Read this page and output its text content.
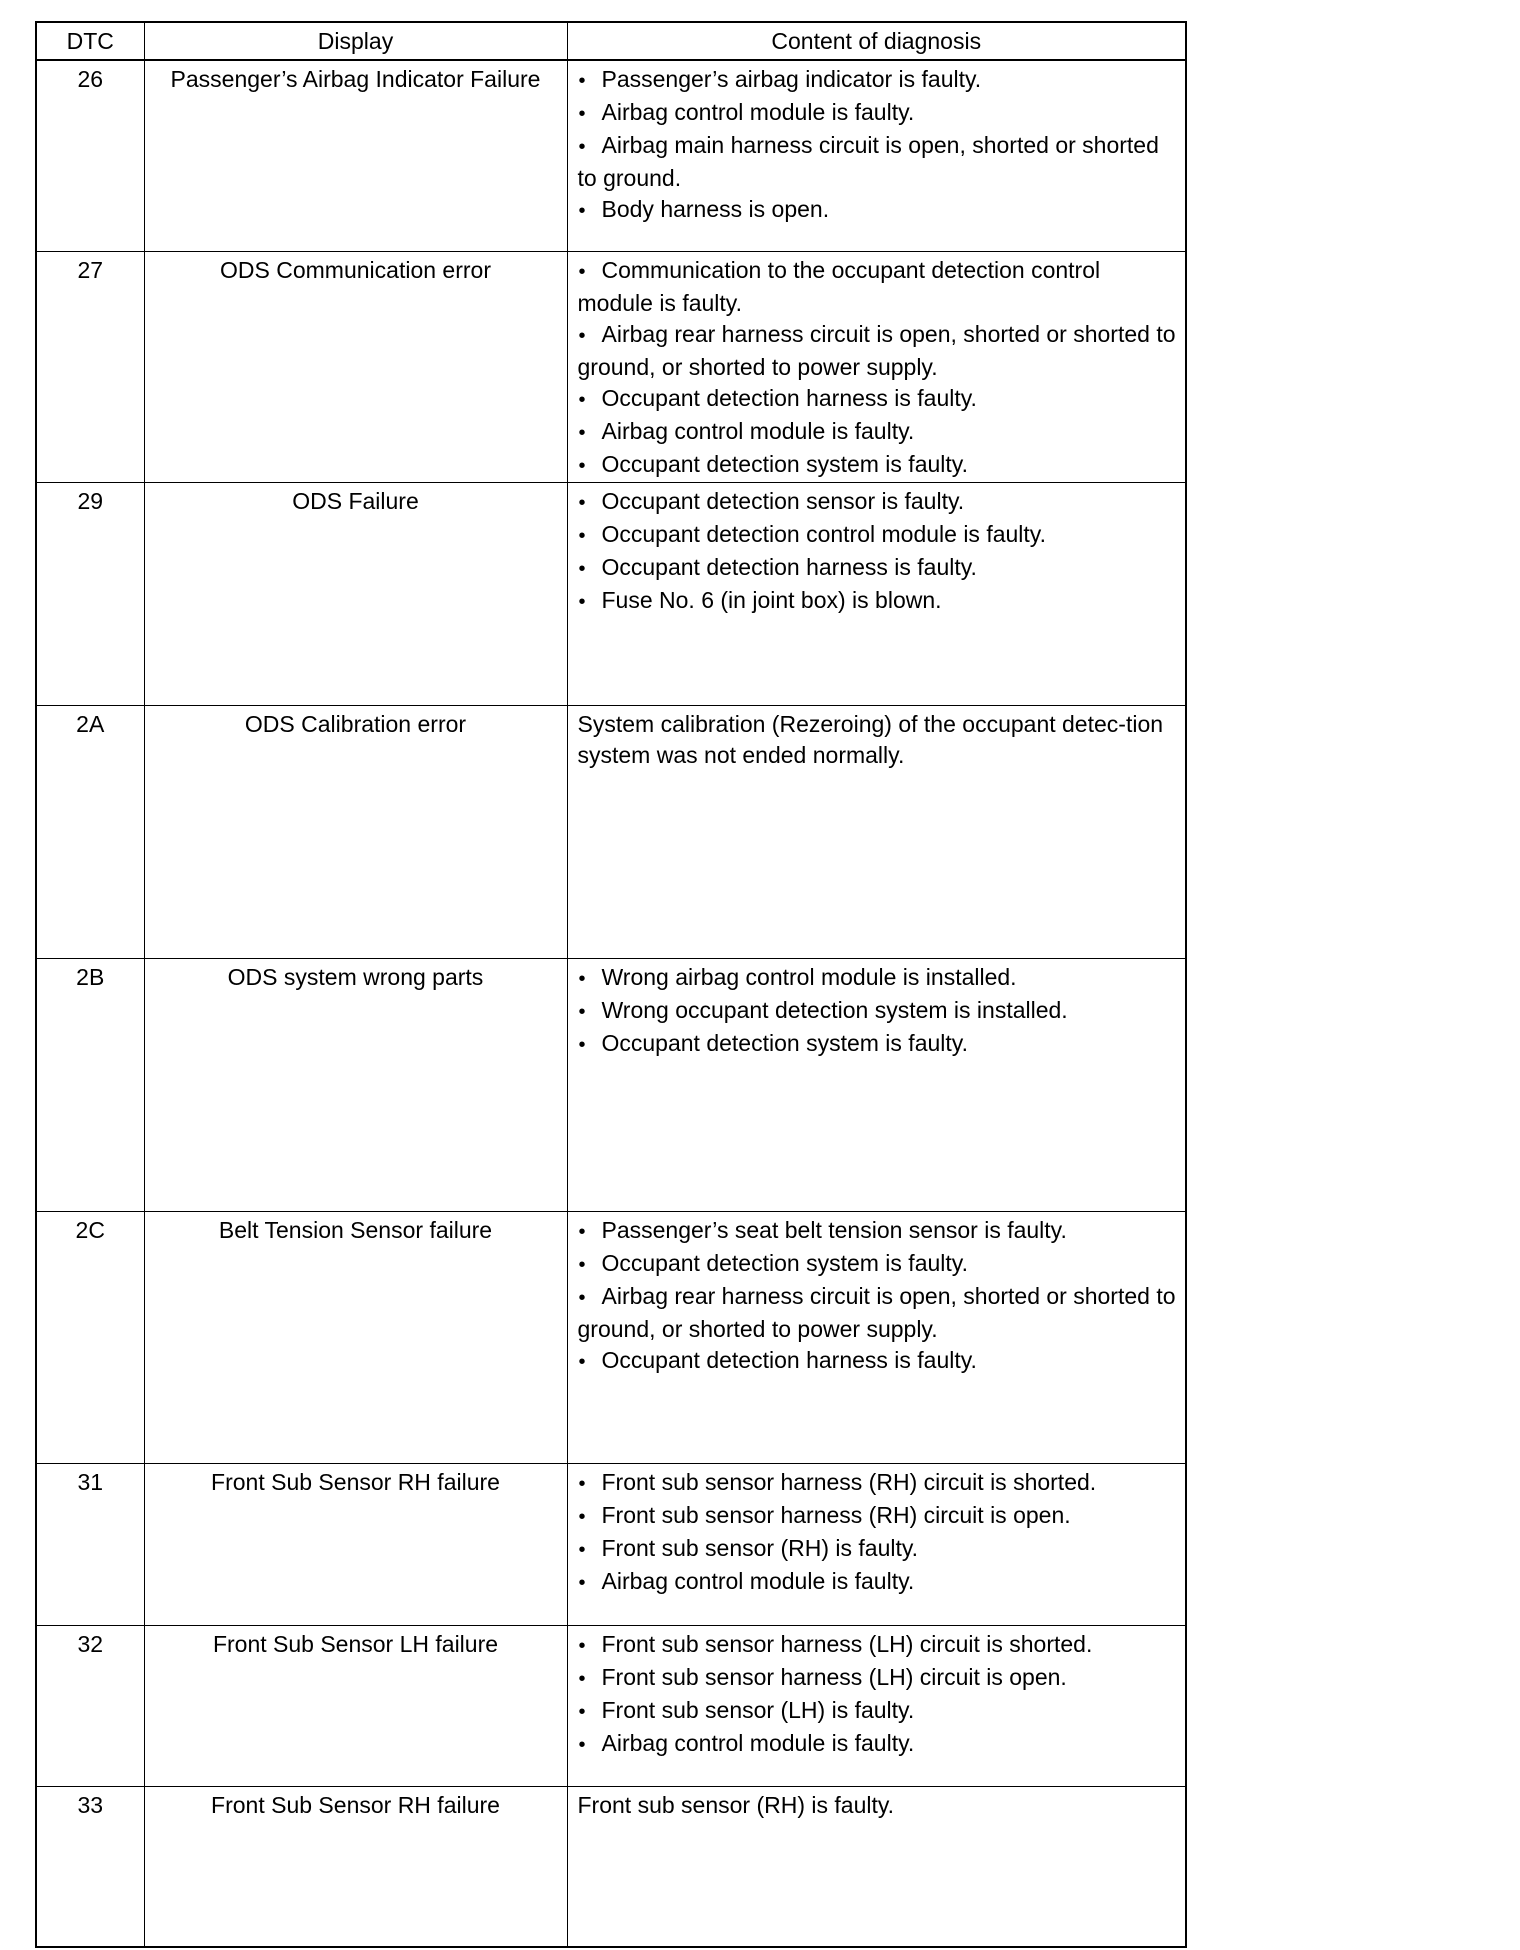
DTC	Display	Content of diagnosis
26	Passenger’s Airbag Indicator Failure	• Passenger’s airbag indicator is faulty.
• Airbag control module is faulty.
• Airbag main harness circuit is open, shorted or shorted to ground.
• Body harness is open.

27	ODS Communication error	• Communication to the occupant detection control module is faulty.
• Airbag rear harness circuit is open, shorted or shorted to ground, or shorted to power supply.
• Occupant detection harness is faulty.
• Airbag control module is faulty.
• Occupant detection system is faulty.

29	ODS Failure	• Occupant detection sensor is faulty.
• Occupant detection control module is faulty.
• Occupant detection harness is faulty.
• Fuse No. 6 (in joint box) is blown.

2A	ODS Calibration error	System calibration (Rezeroing) of the occupant detec-tion system was not ended normally.

2B	ODS system wrong parts	• Wrong airbag control module is installed.
• Wrong occupant detection system is installed.
• Occupant detection system is faulty.

2C	Belt Tension Sensor failure	• Passenger’s seat belt tension sensor is faulty.
• Occupant detection system is faulty.
• Airbag rear harness circuit is open, shorted or shorted to ground, or shorted to power supply.
• Occupant detection harness is faulty.

31	Front Sub Sensor RH failure	• Front sub sensor harness (RH) circuit is shorted.
• Front sub sensor harness (RH) circuit is open.
• Front sub sensor (RH) is faulty.
• Airbag control module is faulty.

32	Front Sub Sensor LH failure	• Front sub sensor harness (LH) circuit is shorted.
• Front sub sensor harness (LH) circuit is open.
• Front sub sensor (LH) is faulty.
• Airbag control module is faulty.

33	Front Sub Sensor RH failure	Front sub sensor (RH) is faulty.
